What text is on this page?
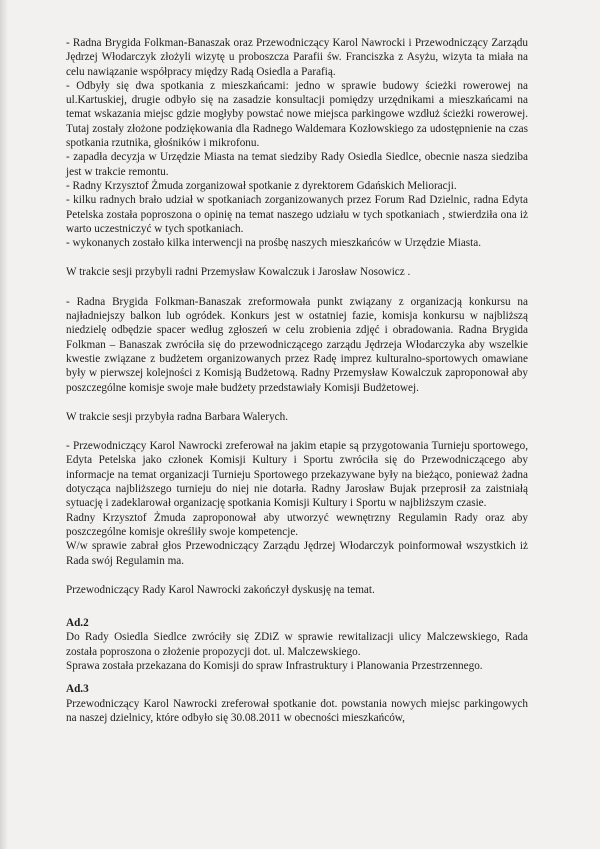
- Radna Brygida Folkman-Banaszak oraz Przewodniczący Karol Nawrocki i Przewodniczący Zarządu Jędrzej Włodarczyk złożyli wizytę u proboszcza Parafii św. Franciszka z Asyżu, wizyta ta miała na celu nawiązanie współpracy między Radą Osiedla a Parafią.

- Odbyły się dwa spotkania z mieszkańcami: jedno w sprawie budowy ścieżki rowerowej na ul.Kartuskiej, drugie odbyło się na zasadzie konsultacji pomiędzy urzędnikami a mieszkańcami na temat wskazania miejsc gdzie mogłyby powstać nowe miejsca parkingowe wzdłuż ścieżki rowerowej. Tutaj zostały złożone podziękowania dla Radnego Waldemara Kozłowskiego za udostępnienie na czas spotkania rzutnika, głośników i mikrofonu.

- zapadła decyzja w Urzędzie Miasta na temat siedziby Rady Osiedla Siedlce, obecnie nasza siedziba jest w trakcie remontu.

- Radny Krzysztof Żmuda zorganizował spotkanie z dyrektorem Gdańskich Melioracji.

- kilku radnych brało udział w spotkaniach zorganizowanych przez Forum Rad Dzielnic, radna Edyta Petelska została poproszona o opinię na temat naszego udziału w tych spotkaniach , stwierdziła ona iż warto uczestniczyć w tych spotkaniach.

- wykonanych zostało kilka interwencji na prośbę naszych mieszkańców w Urzędzie Miasta.

W trakcie sesji przybyli radni Przemysław Kowalczuk i Jarosław Nosowicz .

- Radna Brygida Folkman-Banaszak zreformowała punkt związany z organizacją konkursu na najładniejszy balkon lub ogródek. Konkurs jest w ostatniej fazie, komisja konkursu w najbliższą niedzielę odbędzie spacer według zgłoszeń w celu zrobienia zdjęć i obradowania. Radna Brygida Folkman – Banaszak zwróciła się do przewodniczącego zarządu Jędrzeja Włodarczyka aby wszelkie kwestie związane z budżetem organizowanych przez Radę imprez kulturalno-sportowych omawiane były w pierwszej kolejności z Komisją Budżetową. Radny Przemysław Kowalczuk zaproponował aby poszczególne komisje swoje małe budżety przedstawiały Komisji Budżetowej.

W trakcie sesji przybyła radna Barbara Walerych.

- Przewodniczący Karol Nawrocki zreferował na jakim etapie są przygotowania Turnieju sportowego, Edyta Petelska jako członek Komisji Kultury i Sportu zwróciła się do Przewodniczącego aby informacje na temat organizacji Turnieju Sportowego przekazywane były na bieżąco, ponieważ żadna dotycząca najbliższego turnieju do niej nie dotarła. Radny Jarosław Bujak przeprosił za zaistniałą sytuację i zadeklarował organizację spotkania Komisji Kultury i Sportu w najbliższym czasie.

Radny Krzysztof Żmuda zaproponował aby utworzyć wewnętrzny Regulamin Rady oraz aby poszczególne komisje określiły swoje kompetencje.

W/w sprawie zabrał głos Przewodniczący Zarządu Jędrzej Włodarczyk poinformował wszystkich iż Rada swój Regulamin ma.

Przewodniczący Rady Karol Nawrocki zakończył dyskusję na temat.

Ad.2

Do Rady Osiedla Siedlce zwróciły się ZDiZ w sprawie rewitalizacji ulicy Malczewskiego, Rada została poproszona o złożenie propozycji dot. ul. Malczewskiego.

Sprawa została przekazana do Komisji do spraw Infrastruktury i Planowania Przestrzennego.

Ad.3

Przewodniczący Karol Nawrocki zreferował spotkanie dot. powstania nowych miejsc parkingowych na naszej dzielnicy, które odbyło się 30.08.2011 w obecności mieszkańców,
